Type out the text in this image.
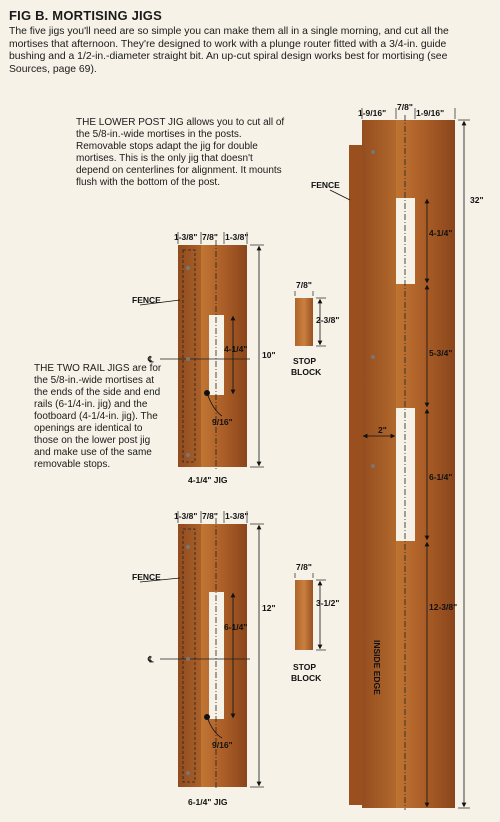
FIG B. MORTISING JIGS
The five jigs you'll need are so simple you can make them all in a single morning, and cut all the mortises that afternoon. They're designed to work with a plunge router fitted with a 3/4-in. guide bushing and a 1/2-in.-diameter straight bit. An up-cut spiral design works best for mortising (see Sources, page 69).
THE LOWER POST JIG allows you to cut all of the 5/8-in.-wide mortises in the posts. Removable stops adapt the jig for double mortises. This is the only jig that doesn't depend on centerlines for alignment. It mounts flush with the bottom of the post.
THE TWO RAIL JIGS are for the 5/8-in.-wide mortises at the ends of the side and end rails (6-1/4-in. jig) and the footboard (4-1/4-in. jig). The openings are identical to those on the lower post jig and make use of the same removable stops.
1-3/8" 7/8" 1-3/8"
FENCE
10"
4-1/4"
9/16"
℄
4-1/4" JIG
7/8"
2-3/8"
STOP
BLOCK
1-3/8" 7/8" 1-3/8"
FENCE
12"
6-1/4"
9/16"
℄
6-1/4" JIG
7/8"
3-1/2"
STOP
BLOCK
1-9/16"
7/8"
1-9/16"
FENCE
32"
4-1/4"
5-3/4"
6-1/4"
12-3/8"
2"
INSIDE EDGE
